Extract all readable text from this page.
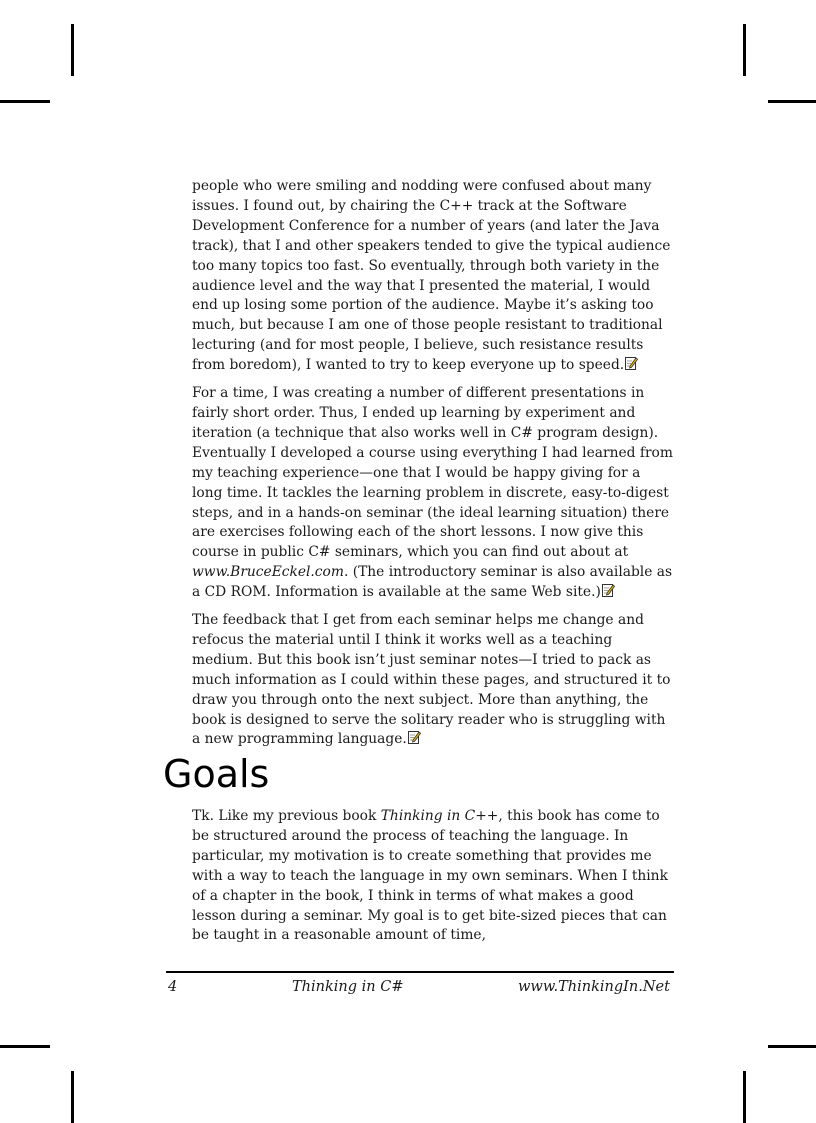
people who were smiling and nodding were confused about many issues. I found out, by chairing the C++ track at the Software Development Conference for a number of years (and later the Java track), that I and other speakers tended to give the typical audience too many topics too fast. So eventually, through both variety in the audience level and the way that I presented the material, I would end up losing some portion of the audience. Maybe it’s asking too much, but because I am one of those people resistant to traditional lecturing (and for most people, I believe, such resistance results from boredom), I wanted to try to keep everyone up to speed.

For a time, I was creating a number of different presentations in fairly short order. Thus, I ended up learning by experiment and iteration (a technique that also works well in C# program design). Eventually I developed a course using everything I had learned from my teaching experience—one that I would be happy giving for a long time. It tackles the learning problem in discrete, easy-to-digest steps, and in a hands-on seminar (the ideal learning situation) there are exercises following each of the short lessons. I now give this course in public C# seminars, which you can find out about at www.BruceEckel.com. (The introductory seminar is also available as a CD ROM. Information is available at the same Web site.)

The feedback that I get from each seminar helps me change and refocus the material until I think it works well as a teaching medium. But this book isn’t just seminar notes—I tried to pack as much information as I could within these pages, and structured it to draw you through onto the next subject. More than anything, the book is designed to serve the solitary reader who is struggling with a new programming language.

Goals

Tk. Like my previous book Thinking in C++, this book has come to be structured around the process of teaching the language. In particular, my motivation is to create something that provides me with a way to teach the language in my own seminars. When I think of a chapter in the book, I think in terms of what makes a good lesson during a seminar. My goal is to get bite-sized pieces that can be taught in a reasonable amount of time,

4	Thinking in C#	www.ThinkingIn.Net
